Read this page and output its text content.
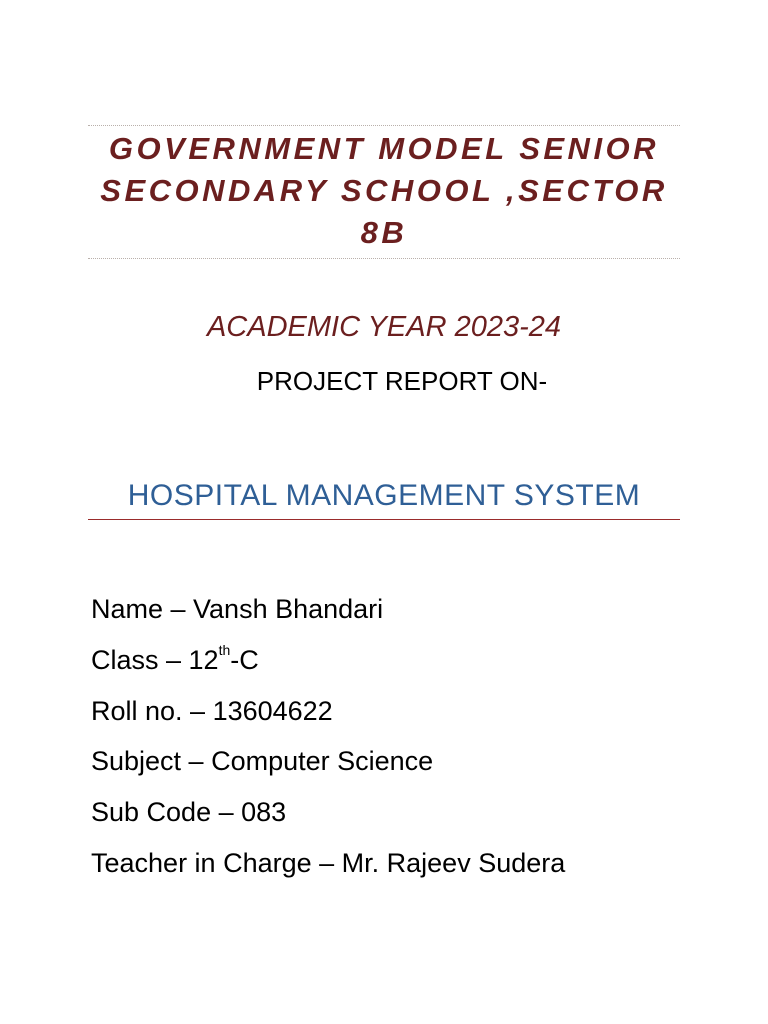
GOVERNMENT MODEL SENIOR
SECONDARY SCHOOL ,SECTOR
8B
ACADEMIC YEAR 2023-24
PROJECT REPORT ON-
HOSPITAL MANAGEMENT SYSTEM
Name – Vansh Bhandari
Class – 12th-C
Roll no. – 13604622
Subject – Computer Science
Sub Code – 083
Teacher in Charge – Mr. Rajeev Sudera
